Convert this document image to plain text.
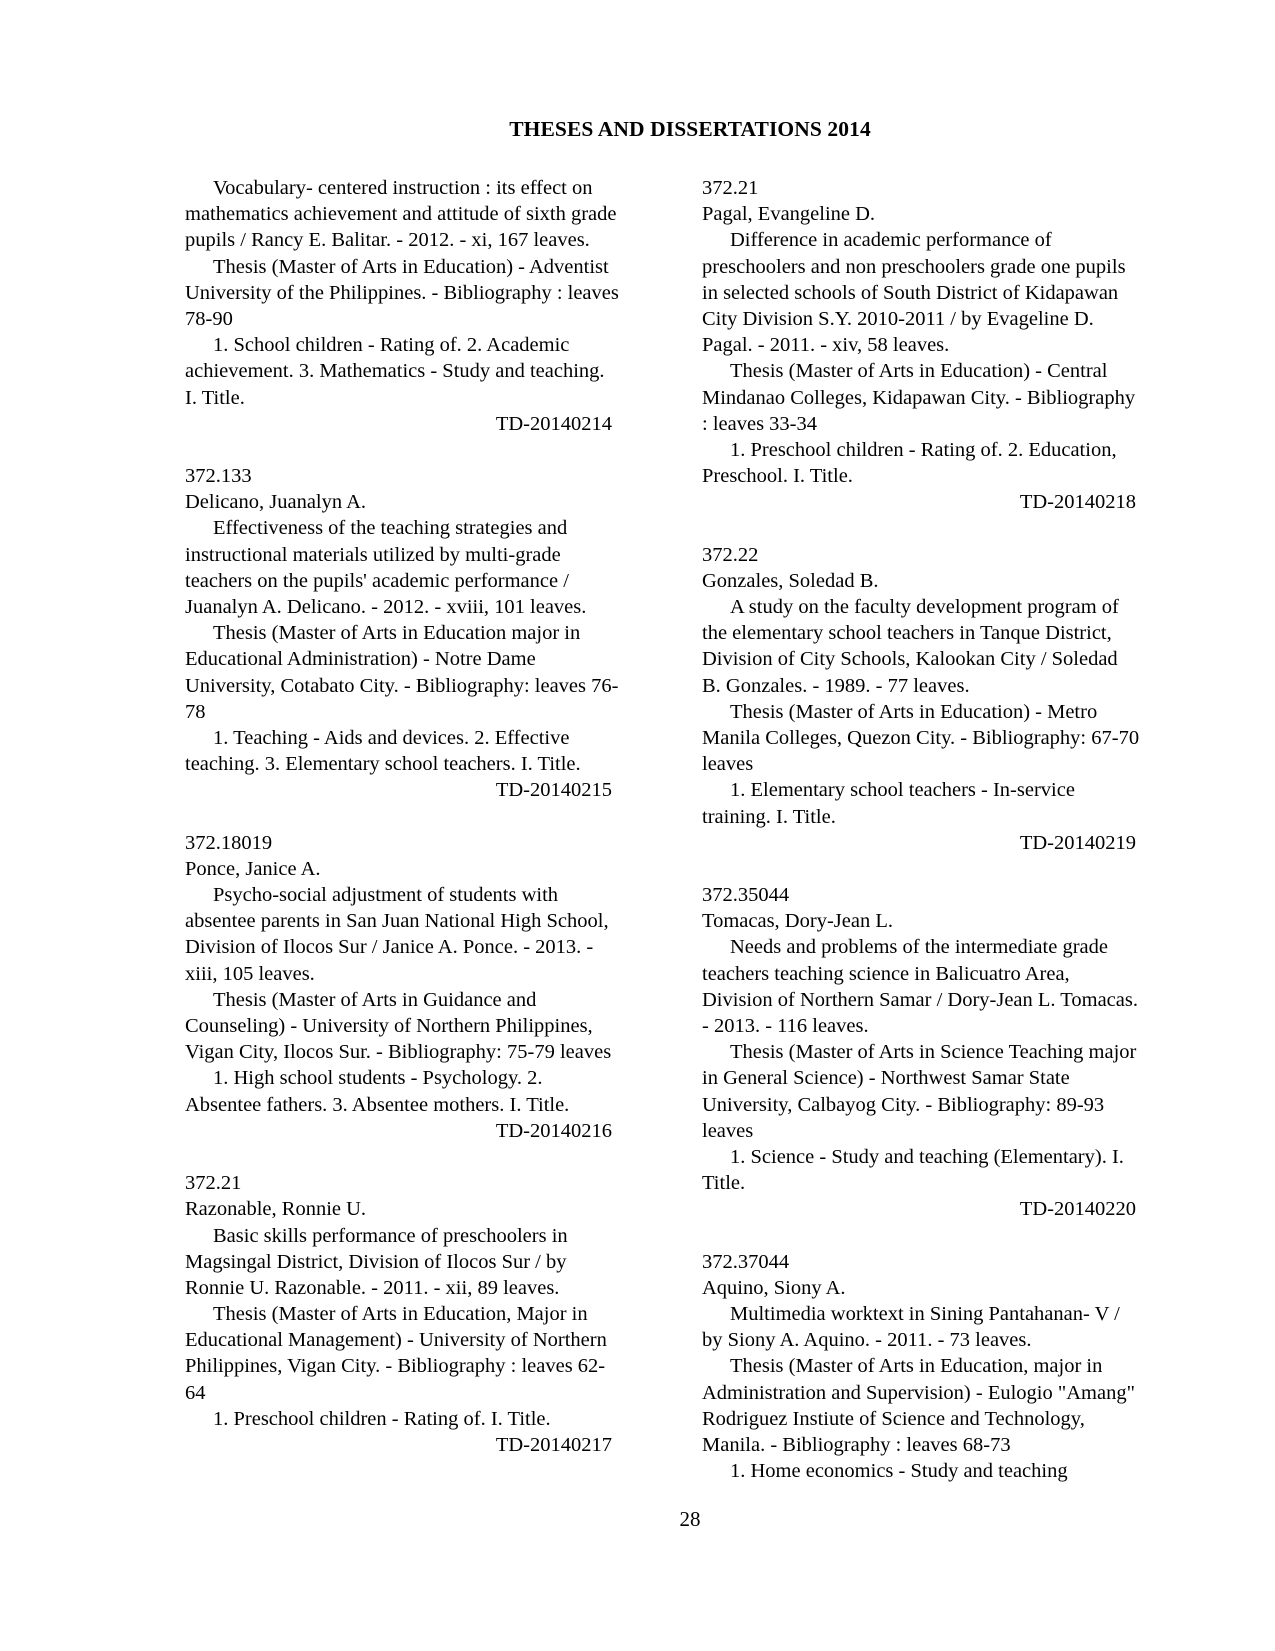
THESES AND DISSERTATIONS 2014
Vocabulary- centered instruction : its effect on
mathematics achievement and attitude of sixth grade
pupils / Rancy E. Balitar. - 2012. - xi, 167 leaves.
Thesis (Master of Arts in Education) - Adventist
University of the Philippines. - Bibliography : leaves
78-90
1. School children - Rating of. 2. Academic
achievement. 3. Mathematics - Study and teaching.
I. Title.
TD-20140214
372.133
Delicano, Juanalyn A.
Effectiveness of the teaching strategies and
instructional materials utilized by multi-grade
teachers on the pupils' academic performance /
Juanalyn A. Delicano. - 2012. - xviii, 101 leaves.
Thesis (Master of Arts in Education major in
Educational Administration) - Notre Dame
University, Cotabato City. - Bibliography: leaves 76-
78
1. Teaching - Aids and devices. 2. Effective
teaching. 3. Elementary school teachers. I. Title.
TD-20140215
372.18019
Ponce, Janice A.
Psycho-social adjustment of students with
absentee parents in San Juan National High School,
Division of Ilocos Sur / Janice A. Ponce. - 2013. -
xiii, 105 leaves.
Thesis (Master of Arts in Guidance and
Counseling) - University of Northern Philippines,
Vigan City, Ilocos Sur. - Bibliography: 75-79 leaves
1. High school students - Psychology. 2.
Absentee fathers. 3. Absentee mothers. I. Title.
TD-20140216
372.21
Razonable, Ronnie U.
Basic skills performance of preschoolers in
Magsingal District, Division of Ilocos Sur / by
Ronnie U. Razonable. - 2011. - xii, 89 leaves.
Thesis (Master of Arts in Education, Major in
Educational Management) - University of Northern
Philippines, Vigan City. - Bibliography : leaves 62-
64
1. Preschool children - Rating of. I. Title.
TD-20140217
372.21
Pagal, Evangeline D.
Difference in academic performance of
preschoolers and non preschoolers grade one pupils
in selected schools of South District of Kidapawan
City Division S.Y. 2010-2011 / by Evageline D.
Pagal. - 2011. - xiv, 58 leaves.
Thesis (Master of Arts in Education) - Central
Mindanao Colleges, Kidapawan City. - Bibliography
: leaves 33-34
1. Preschool children - Rating of. 2. Education,
Preschool. I. Title.
TD-20140218
372.22
Gonzales, Soledad B.
A study on the faculty development program of
the elementary school teachers in Tanque District,
Division of City Schools, Kalookan City / Soledad
B. Gonzales. - 1989. - 77 leaves.
Thesis (Master of Arts in Education) - Metro
Manila Colleges, Quezon City. - Bibliography: 67-70
leaves
1. Elementary school teachers - In-service
training. I. Title.
TD-20140219
372.35044
Tomacas, Dory-Jean L.
Needs and problems of the intermediate grade
teachers teaching science in Balicuatro Area,
Division of Northern Samar / Dory-Jean L. Tomacas.
- 2013. - 116 leaves.
Thesis (Master of Arts in Science Teaching major
in General Science) - Northwest Samar State
University, Calbayog City. - Bibliography: 89-93
leaves
1. Science - Study and teaching (Elementary). I.
Title.
TD-20140220
372.37044
Aquino, Siony A.
Multimedia worktext in Sining Pantahanan- V /
by Siony A. Aquino. - 2011. - 73 leaves.
Thesis (Master of Arts in Education, major in
Administration and Supervision) - Eulogio "Amang"
Rodriguez Instiute of Science and Technology,
Manila. - Bibliography : leaves 68-73
1. Home economics - Study and teaching
28
